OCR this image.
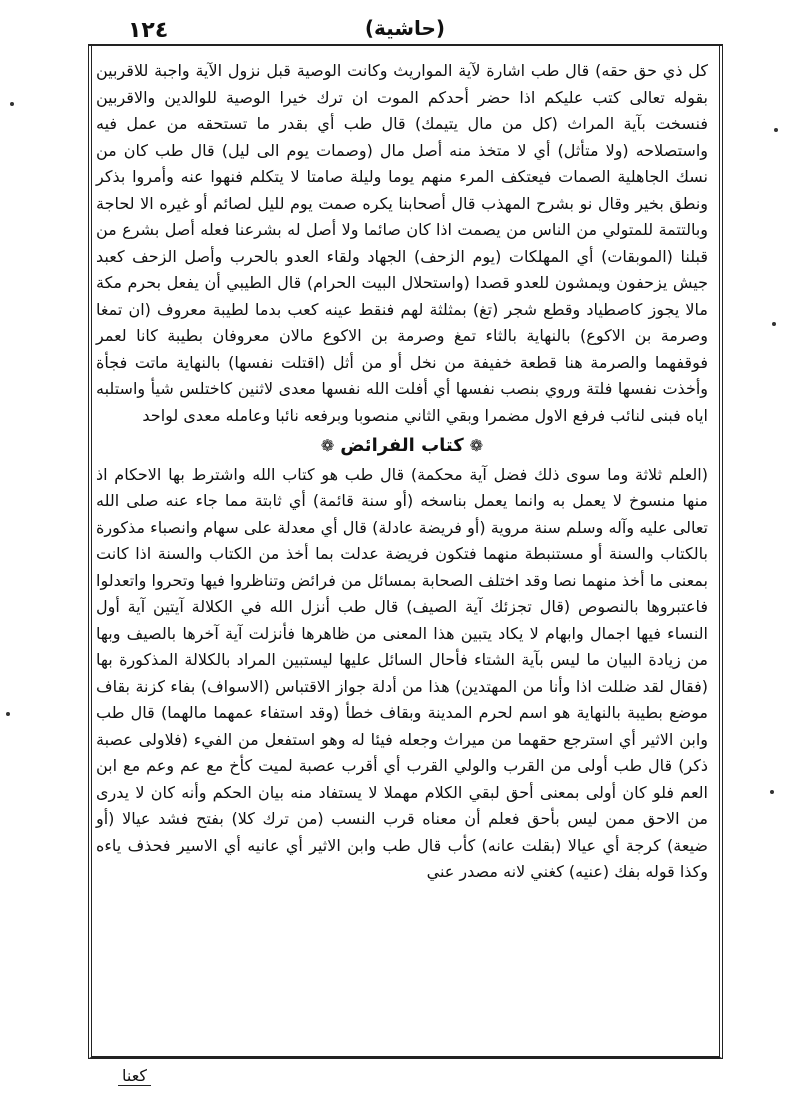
١٢٤	(حاشية)

كل ذي حق حقه) قال طب اشارة لآية المواريث وكانت الوصية قبل نزول الآية واجبة للاقربين بقوله تعالى كتب عليكم اذا حضر أحدكم الموت ان ترك خيرا الوصية للوالدين والاقربين فنسخت بآية المراث (كل من مال يتيمك) قال طب أي بقدر ما تستحقه من عمل فيه واستصلاحه (ولا متأثل) أي لا متخذ منه أصل مال (وصمات يوم الى ليل) قال طب كان من نسك الجاهلية الصمات فيعتكف المرء منهم يوما وليلة صامتا لا يتكلم فنهوا عنه وأمروا بذكر ونطق بخير وقال نو بشرح المهذب قال أصحابنا يكره صمت يوم لليل لصائم أو غيره الا لحاجة وبالتتمة للمتولي من الناس من يصمت اذا كان صائما ولا أصل له بشرعنا فعله أصل بشرع من قبلنا (الموبقات) أي المهلكات (يوم الزحف) الجهاد ولقاء العدو بالحرب وأصل الزحف كعبد جيش يزحفون ويمشون للعدو قصدا (واستحلال البيت الحرام) قال الطيبي أن يفعل بحرم مكة مالا يجوز كاصطياد وقطع شجر (تغ) بمثلثة لهم فنقط عينه كعب بدما لطيبة معروف (ان تمغا وصرمة بن الاكوع) بالنهاية بالثاء تمغ وصرمة بن الاكوع مالان معروفان بطيبة كانا لعمر فوقفهما والصرمة هنا قطعة خفيفة من نخل أو من أثل (اقتلت نفسها) بالنهاية ماتت فجأة وأخذت نفسها فلتة وروي بنصب نفسها أي أفلت الله نفسها معدى لاثنين كاختلس شيأ واستلبه اياه فبنى لنائب فرفع الاول مضمرا وبقي الثاني منصوبا وبرفعه نائبا وعامله معدى لواحد

❁كتاب الفرائض❁

(العلم ثلاثة وما سوى ذلك فضل آية محكمة) قال طب هو كتاب الله واشترط بها الاحكام اذ منها منسوخ لا يعمل به وانما يعمل بناسخه (أو سنة قائمة) أي ثابتة مما جاء عنه صلى الله تعالى عليه وآله وسلم سنة مروية (أو فريضة عادلة) قال أي معدلة على سهام وانصباء مذكورة بالكتاب والسنة أو مستنبطة منهما فتكون فريضة عدلت بما أخذ من الكتاب والسنة اذا كانت بمعنى ما أخذ منهما نصا وقد اختلف الصحابة بمسائل من فرائض وتناظروا فيها وتحروا واتعدلوا فاعتبروها بالنصوص (قال تجزئك آية الصيف) قال طب أنزل الله في الكلالة آيتين آية أول النساء فيها اجمال وابهام لا يكاد يتبين هذا المعنى من ظاهرها فأنزلت آية آخرها بالصيف وبها من زيادة البيان ما ليس بآية الشتاء فأحال السائل عليها ليستبين المراد بالكلالة المذكورة بها (فقال لقد ضللت اذا وأنا من المهتدين) هذا من أدلة جواز الاقتباس (الاسواف) بفاء كزنة بقاف موضع بطيبة بالنهاية هو اسم لحرم المدينة وبقاف خطأ (وقد استفاء عمهما مالهما) قال طب وابن الاثير أي استرجع حقهما من ميراث وجعله فيئا له وهو استفعل من الفيء (فلاولى عصبة ذكر) قال طب أولى من القرب والولي القرب أي أقرب عصبة لميت كأخ مع عم وعم مع ابن العم فلو كان أولى بمعنى أحق لبقي الكلام مهملا لا يستفاد منه بيان الحكم وأنه كان لا يدرى من الاحق ممن ليس بأحق فعلم أن معناه قرب النسب (من ترك كلا) بفتح فشد عيالا (أو ضيعة) كرجة أي عيالا (بقلت عانه) كأب قال طب وابن الاثير أي عانيه أي الاسير فحذف ياءه وكذا قوله بفك (عنيه) كغني لانه مصدر عني

كعنا
